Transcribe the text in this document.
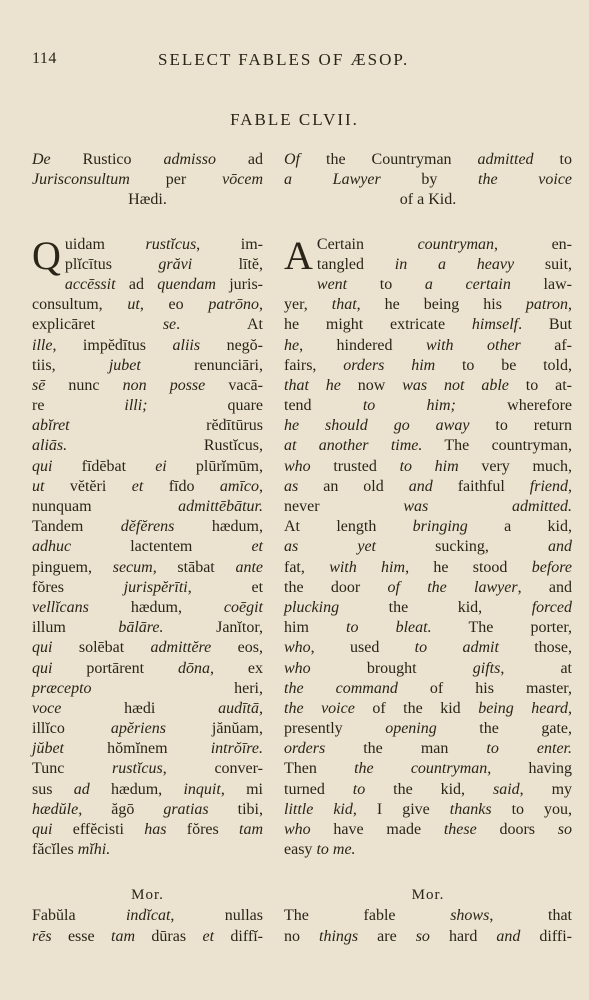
114	SELECT FABLES OF ÆSOP.
FABLE CLVII.
De Rustico admisso ad
Jurisconsultum per vōcem
Hædi.
Q uidam rustĭcus, im-
plĭcītus grăvi lītĕ,
accēssit ad quendam juris-
consultum, ut, eo patrōno,
explicāret se. At
ille, impĕdītus aliis negŏ-
tiis, jubet renunciāri,
sē nunc non posse vacā-
re illi; quare
abĭret rĕdītūrus
aliās. Rustĭcus,
qui fīdēbat ei plūrĭmūm,
ut vĕtĕri et fīdo amīco,
nunquam admittēbātur.
Tandem dĕfĕrens hædum,
adhuc lactentem et
pinguem, secum, stābat ante
fŏres jurispĕrīti, et
vellĭcans hædum, coēgit
illum bālāre. Janĭtor,
qui solēbat admittĕre eos,
qui portārent dōna, ex
præcepto heri,
voce hædi audītā,
illĭco apĕriens jănŭam,
jŭbet hŏmĭnem intrŏīre.
Tunc rustĭcus, conver-
sus ad hædum, inquit, mi
hædŭle, ăgō gratias tibi,
qui effĕcisti has fŏres tam
făcĭles mĭhi.
Mor.
Fabŭla indĭcat, nullas
rēs esse tam dūras et diffĭ-
Of the Countryman admitted to
a Lawyer by the voice
of a Kid.
A Certain countryman, en-
tangled in a heavy suit,
went to a certain law-
yer, that, he being his patron,
he might extricate himself. But
he, hindered with other af-
fairs, orders him to be told,
that he now was not able to at-
tend to him; wherefore
he should go away to return
at another time. The countryman,
who trusted to him very much,
as an old and faithful friend,
never was admitted.
At length bringing a kid,
as yet sucking, and
fat, with him, he stood before
the door of the lawyer, and
plucking the kid, forced
him to bleat. The porter,
who, used to admit those,
who brought gifts, at
the command of his master,
the voice of the kid being heard,
presently opening the gate,
orders the man to enter.
Then the countryman, having
turned to the kid, said, my
little kid, I give thanks to you,
who have made these doors so
easy to me.
Mor.
The fable shows, that
no things are so hard and diffi-
